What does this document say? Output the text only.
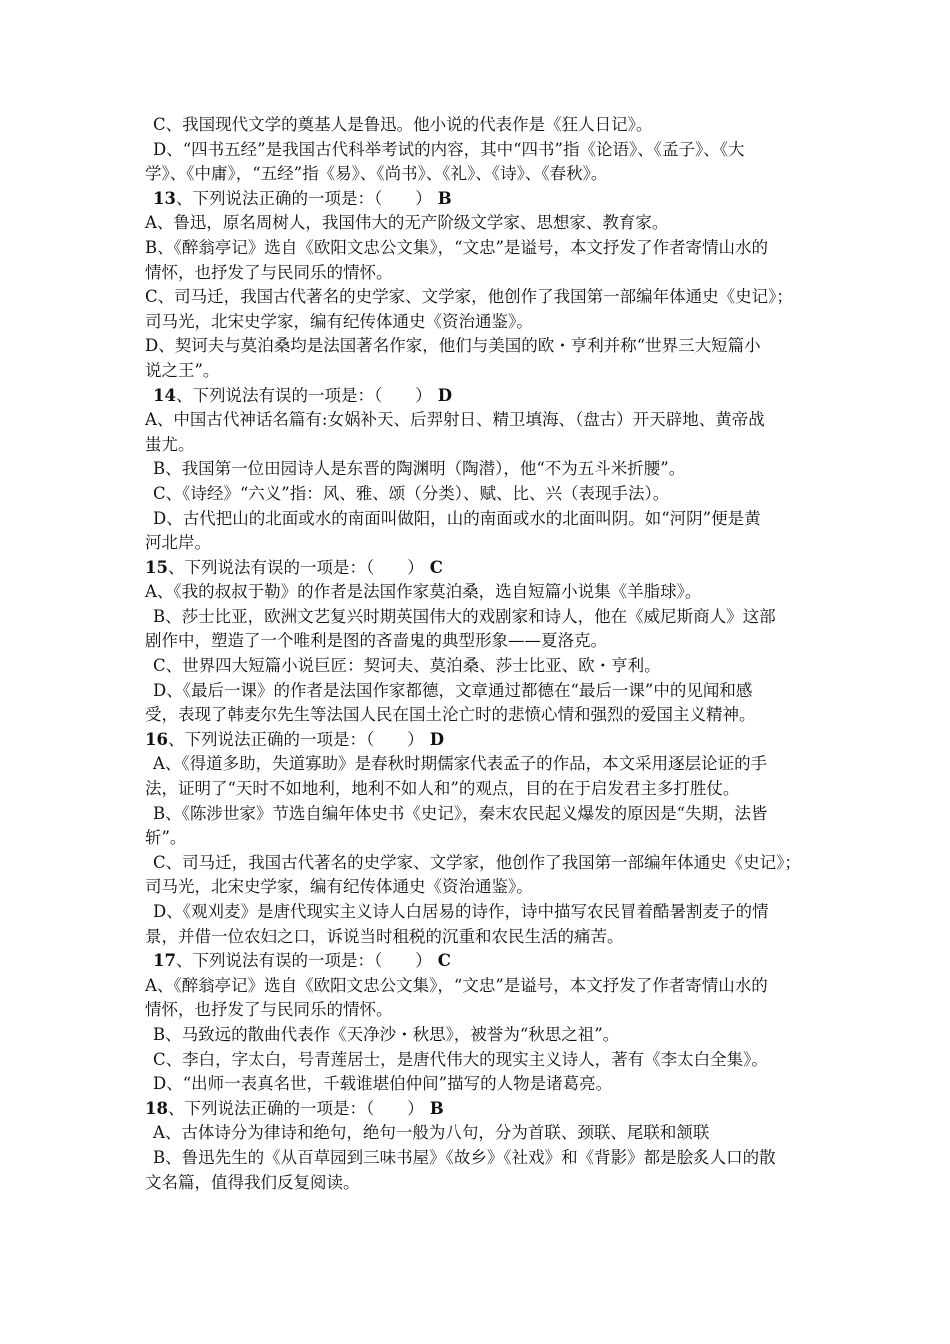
C、我国现代文学的奠基人是鲁迅。他小说的代表作是《狂人日记》。
D、“四书五经”是我国古代科举考试的内容，其中“四书”指《论语》、《孟子》、《大
学》、《中庸》，“五经”指《易》、《尚书》、《礼》、《诗》、《春秋》。
13、下列说法正确的一项是：（　　） B
A、鲁迅，原名周树人，我国伟大的无产阶级文学家、思想家、教育家。
B、《醉翁亭记》选自《欧阳文忠公文集》，“文忠”是谥号，本文抒发了作者寄情山水的
情怀，也抒发了与民同乐的情怀。
C、司马迁，我国古代著名的史学家、文学家，他创作了我国第一部编年体通史《史记》；
司马光，北宋史学家，编有纪传体通史《资治通鉴》。
D、契诃夫与莫泊桑均是法国著名作家，他们与美国的欧・亨利并称“世界三大短篇小
说之王”。
14、下列说法有误的一项是：（　　） D
A、中国古代神话名篇有:女娲补天、后羿射日、精卫填海、（盘古）开天辟地、黄帝战
蚩尤。
B、我国第一位田园诗人是东晋的陶渊明（陶潜），他“不为五斗米折腰”。
C、《诗经》“六义”指：风、雅、颂（分类）、赋、比、兴（表现手法）。
D、古代把山的北面或水的南面叫做阳，山的南面或水的北面叫阴。如“河阴”便是黄
河北岸。
15、下列说法有误的一项是：（　　） C
A、《我的叔叔于勒》的作者是法国作家莫泊桑，选自短篇小说集《羊脂球》。
B、莎士比亚，欧洲文艺复兴时期英国伟大的戏剧家和诗人，他在《威尼斯商人》这部
剧作中，塑造了一个唯利是图的吝啬鬼的典型形象——夏洛克。
C、世界四大短篇小说巨匠：契诃夫、莫泊桑、莎士比亚、欧・亨利。
D、《最后一课》的作者是法国作家都德，文章通过都德在“最后一课”中的见闻和感
受，表现了韩麦尔先生等法国人民在国土沦亡时的悲愤心情和强烈的爱国主义精神。
16、下列说法正确的一项是：（　　） D
A、《得道多助，失道寡助》是春秋时期儒家代表孟子的作品，本文采用逐层论证的手
法，证明了“天时不如地利，地利不如人和”的观点，目的在于启发君主多打胜仗。
B、《陈涉世家》节选自编年体史书《史记》，秦末农民起义爆发的原因是“失期，法皆
斩”。
C、司马迁，我国古代著名的史学家、文学家，他创作了我国第一部编年体通史《史记》；
司马光，北宋史学家，编有纪传体通史《资治通鉴》。
D、《观刈麦》是唐代现实主义诗人白居易的诗作，诗中描写农民冒着酷暑割麦子的情
景，并借一位农妇之口，诉说当时租税的沉重和农民生活的痛苦。
17、下列说法有误的一项是：（　　） C
A、《醉翁亭记》选自《欧阳文忠公文集》，“文忠”是谥号，本文抒发了作者寄情山水的
情怀，也抒发了与民同乐的情怀。
B、马致远的散曲代表作《天净沙・秋思》，被誉为“秋思之祖”。
C、李白，字太白，号青莲居士，是唐代伟大的现实主义诗人，著有《李太白全集》。
D、“出师一表真名世，千载谁堪伯仲间”描写的人物是诸葛亮。
18、下列说法正确的一项是：（　　） B
A、古体诗分为律诗和绝句，绝句一般为八句，分为首联、颈联、尾联和颔联
B、鲁迅先生的《从百草园到三味书屋》《故乡》《社戏》和《背影》都是脍炙人口的散
文名篇，值得我们反复阅读。
